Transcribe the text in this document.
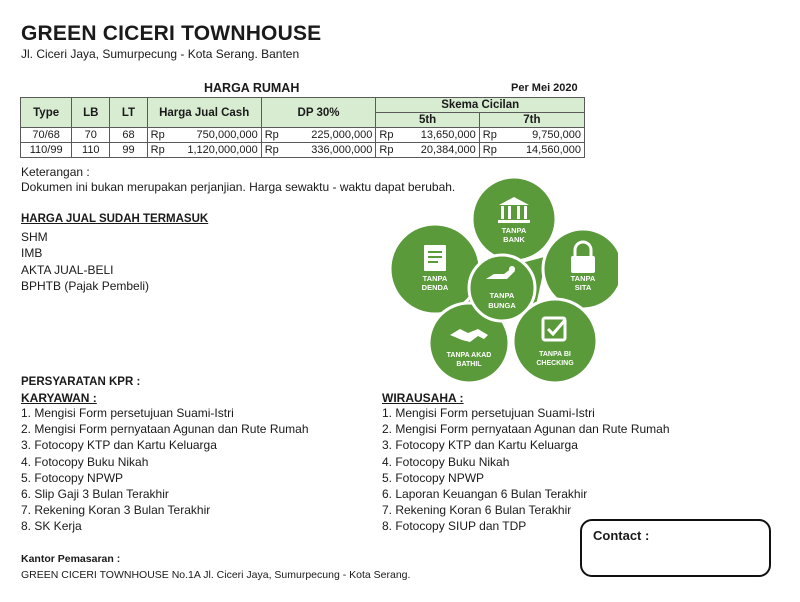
GREEN CICERI TOWNHOUSE
Jl. Ciceri Jaya, Sumurpecung - Kota Serang. Banten
HARGA RUMAH	Per Mei 2020
Type	LB	LT	Harga Jual Cash		DP 30%		Skema Cicilan			
							5th		7th	
70/68	70	68	Rp	750,000,000	Rp	225,000,000	Rp	13,650,000	Rp	9,750,000
110/99	110	99	Rp	1,120,000,000	Rp	336,000,000	Rp	20,384,000	Rp	14,560,000
Keterangan :
Dokumen ini bukan merupakan perjanjian. Harga sewaktu - waktu dapat berubah.
HARGA JUAL SUDAH TERMASUK
SHM
IMB
AKTA JUAL-BELI
BPHTB (Pajak Pembeli)
TANPA
BANK
TANPA
SITA
TANPA
DENDA
TANPA AKAD
BATHIL
TANPA BI
CHECKING
TANPA
BUNGA
PERSYARATAN KPR :
KARYAWAN :
1. Mengisi Form persetujuan Suami-Istri
2. Mengisi Form pernyataan Agunan dan Rute Rumah
3. Fotocopy KTP dan Kartu Keluarga
4. Fotocopy Buku Nikah
5. Fotocopy NPWP
6. Slip Gaji 3 Bulan Terakhir
7. Rekening Koran 3 Bulan Terakhir
8. SK Kerja
WIRAUSAHA :
1. Mengisi Form persetujuan Suami-Istri
2. Mengisi Form pernyataan Agunan dan Rute Rumah
3. Fotocopy KTP dan Kartu Keluarga
4. Fotocopy Buku Nikah
5. Fotocopy NPWP
6. Laporan Keuangan 6 Bulan Terakhir
7. Rekening Koran 6 Bulan Terakhir
8. Fotocopy SIUP dan TDP
Kantor Pemasaran :
GREEN CICERI TOWNHOUSE No.1A Jl. Ciceri Jaya, Sumurpecung - Kota Serang.
Contact :
